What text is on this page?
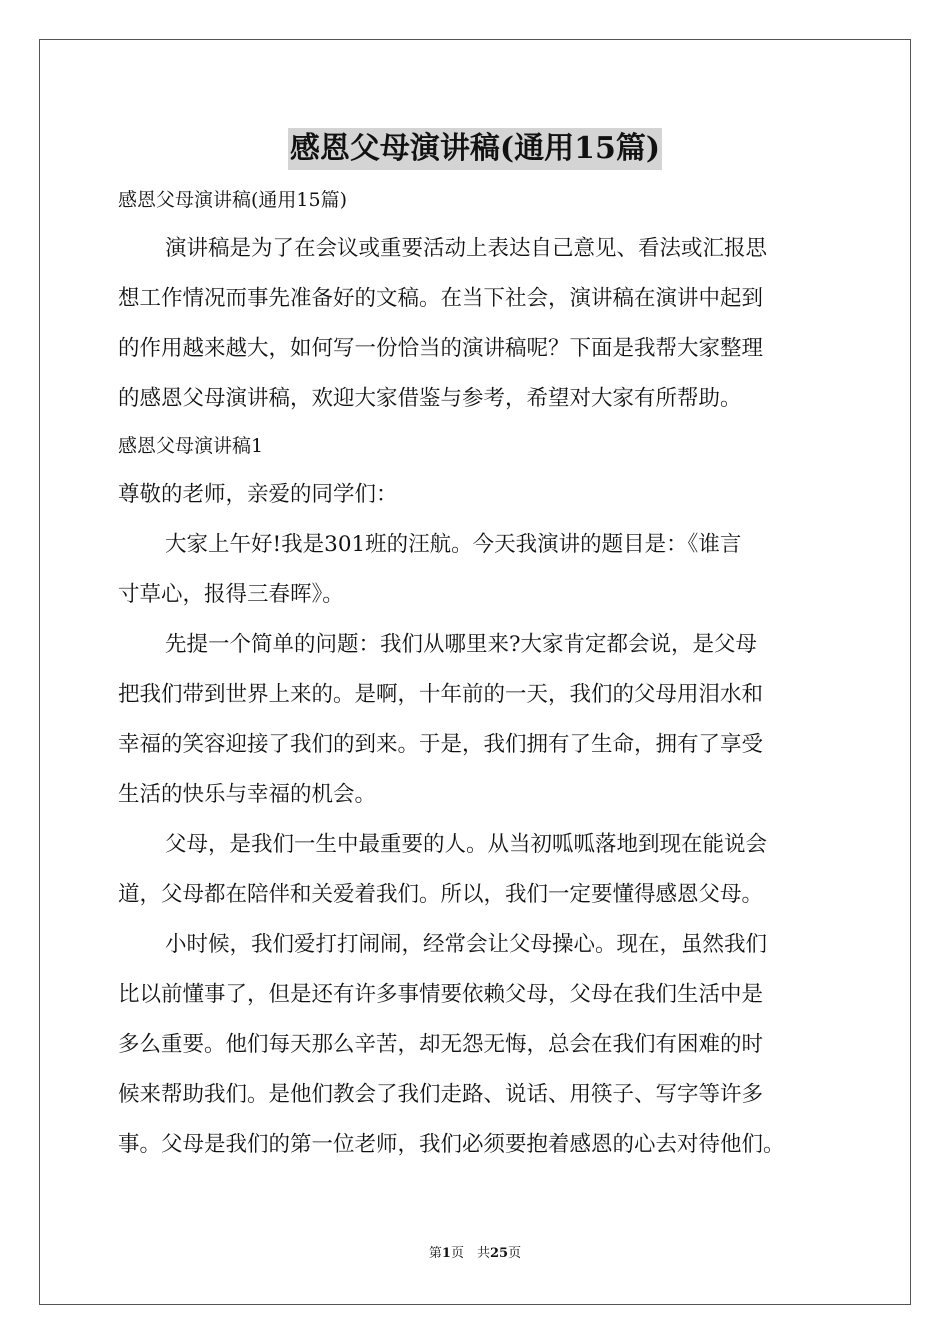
感恩父母演讲稿(通用15篇)
感恩父母演讲稿(通用15篇)
演讲稿是为了在会议或重要活动上表达自己意见、看法或汇报思
想工作情况而事先准备好的文稿。在当下社会，演讲稿在演讲中起到
的作用越来越大，如何写一份恰当的演讲稿呢？下面是我帮大家整理
的感恩父母演讲稿，欢迎大家借鉴与参考，希望对大家有所帮助。
感恩父母演讲稿1
尊敬的老师，亲爱的同学们：
大家上午好!我是301班的汪航。今天我演讲的题目是：《谁言
寸草心，报得三春晖》。
先提一个简单的问题：我们从哪里来?大家肯定都会说，是父母
把我们带到世界上来的。是啊，十年前的一天，我们的父母用泪水和
幸福的笑容迎接了我们的到来。于是，我们拥有了生命，拥有了享受
生活的快乐与幸福的机会。
父母，是我们一生中最重要的人。从当初呱呱落地到现在能说会
道，父母都在陪伴和关爱着我们。所以，我们一定要懂得感恩父母。
小时候，我们爱打打闹闹，经常会让父母操心。现在，虽然我们
比以前懂事了，但是还有许多事情要依赖父母，父母在我们生活中是
多么重要。他们每天那么辛苦，却无怨无悔，总会在我们有困难的时
候来帮助我们。是他们教会了我们走路、说话、用筷子、写字等许多
事。父母是我们的第一位老师，我们必须要抱着感恩的心去对待他们。
第1页　共25页
